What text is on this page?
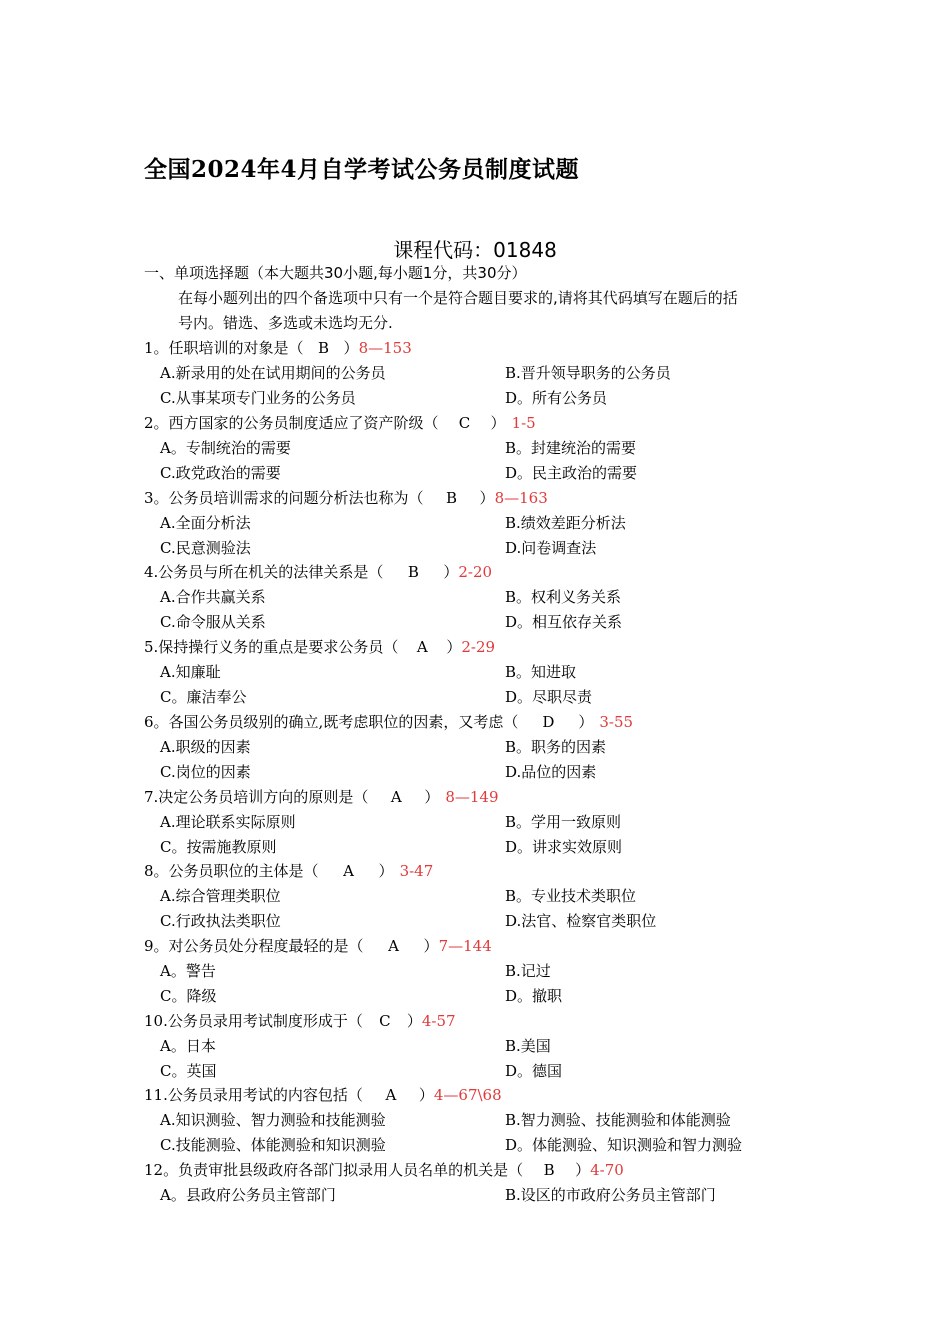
全国2024年4月自学考试公务员制度试题
课程代码：01848
一、单项选择题（本大题共30小题,每小题1分，共30分）
在每小题列出的四个备选项中只有一个是符合题目要求的,请将其代码填写在题后的括
号内。错选、多选或未选均无分.
1。任职培训的对象是（ B ）8—153
A.新录用的处在试用期间的公务员	B.晋升领导职务的公务员
C.从事某项专门业务的公务员	D。所有公务员
2。西方国家的公务员制度适应了资产阶级（ C ） 1-5
A。专制统治的需要	B。封建统治的需要
C.政党政治的需要	D。民主政治的需要
3。公务员培训需求的问题分析法也称为（ B ）8—163
A.全面分析法	B.绩效差距分析法
C.民意测验法	D.问卷调查法
4.公务员与所在机关的法律关系是（ B ）2-20
A.合作共赢关系	B。权利义务关系
C.命令服从关系	D。相互依存关系
5.保持操行义务的重点是要求公务员（ A ）2-29
A.知廉耻	B。知进取
C。廉洁奉公	D。尽职尽责
6。各国公务员级别的确立,既考虑职位的因素，又考虑（ D ） 3-55
A.职级的因素	B。职务的因素
C.岗位的因素	D.品位的因素
7.决定公务员培训方向的原则是（ A ） 8—149
A.理论联系实际原则	B。学用一致原则
C。按需施教原则	D。讲求实效原则
8。公务员职位的主体是（ A ） 3-47
A.综合管理类职位	B。专业技术类职位
C.行政执法类职位	D.法官、检察官类职位
9。对公务员处分程度最轻的是（ A ）7—144
A。警告	B.记过
C。降级	D。撤职
10.公务员录用考试制度形成于（ C ）4-57
A。日本	B.美国
C。英国	D。德国
11.公务员录用考试的内容包括（ A ）4—67\68
A.知识测验、智力测验和技能测验	B.智力测验、技能测验和体能测验
C.技能测验、体能测验和知识测验	D。体能测验、知识测验和智力测验
12。负责审批县级政府各部门拟录用人员名单的机关是（ B ）4-70
A。县政府公务员主管部门	B.设区的市政府公务员主管部门
